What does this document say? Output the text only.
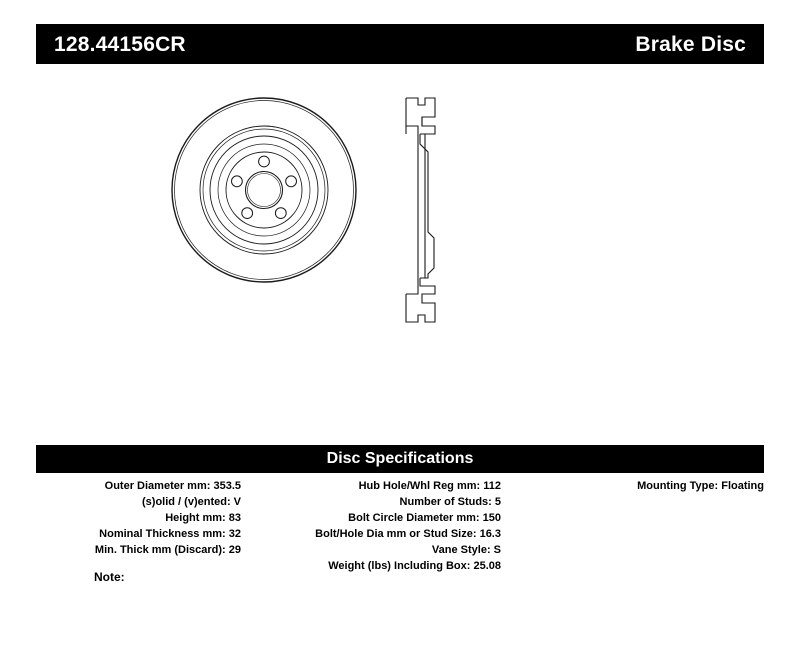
128.44156CR	Brake Disc
Disc Specifications
Outer Diameter mm: 353.5
(s)olid / (v)ented: V
Height mm: 83
Nominal Thickness mm: 32
Min. Thick mm (Discard): 29
Hub Hole/Whl Reg mm: 112
Number of Studs: 5
Bolt Circle Diameter mm: 150
Bolt/Hole Dia mm or Stud Size: 16.3
Vane Style: S
Weight (lbs) Including Box: 25.08
Mounting Type: Floating
Note:
